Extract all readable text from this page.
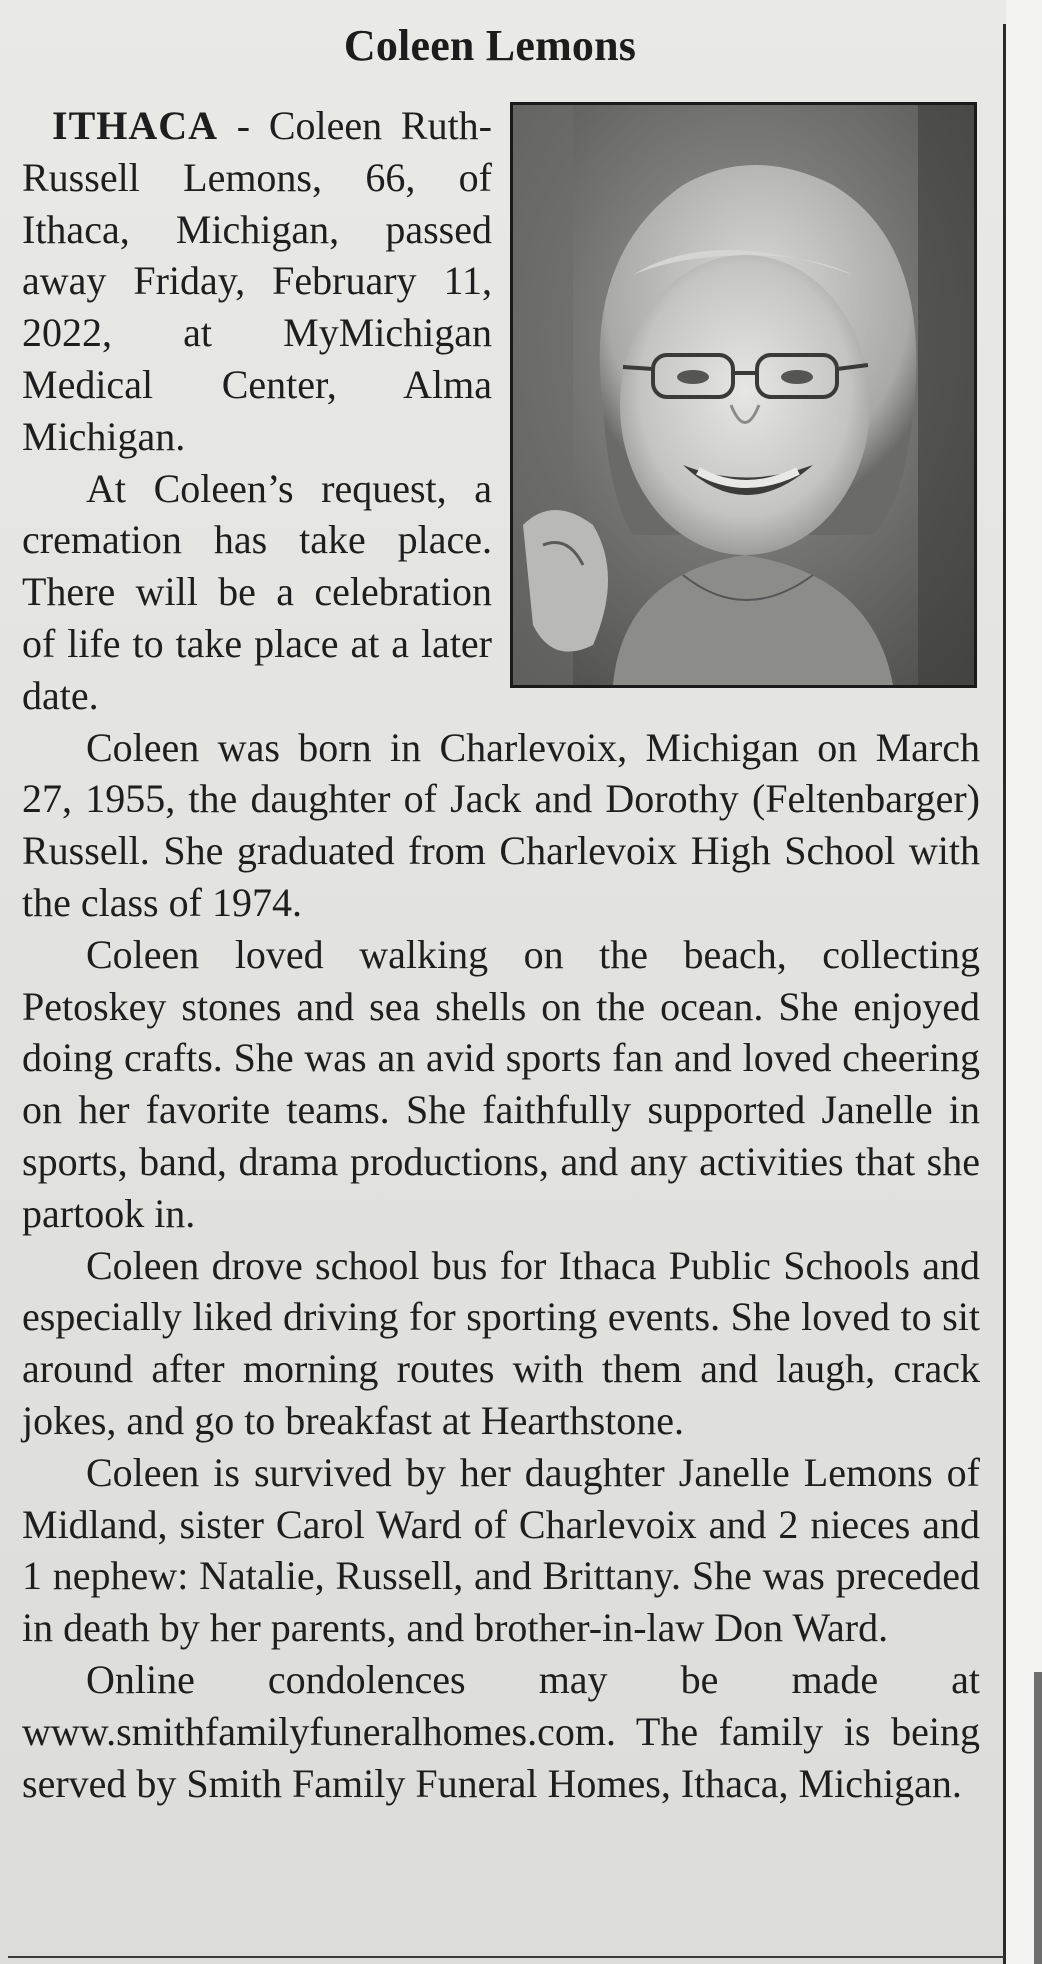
Coleen Lemons

ITHACA - Coleen Ruth-Russell Lemons, 66, of Ithaca, Michigan, passed away Friday, February 11, 2022, at MyMichigan Medical Center, Alma Michigan.

At Coleen’s request, a cremation has take place. There will be a celebration of life to take place at a later date.

Coleen was born in Charlevoix, Michigan on March 27, 1955, the daughter of Jack and Dorothy (Feltenbarger) Russell. She graduated from Charlevoix High School with the class of 1974.

Coleen loved walking on the beach, collecting Petoskey stones and sea shells on the ocean. She enjoyed doing crafts. She was an avid sports fan and loved cheering on her favorite teams. She faithfully supported Janelle in sports, band, drama productions, and any activities that she partook in.

Coleen drove school bus for Ithaca Public Schools and especially liked driving for sporting events. She loved to sit around after morning routes with them and laugh, crack jokes, and go to breakfast at Hearthstone.

Coleen is survived by her daughter Janelle Lemons of Midland, sister Carol Ward of Charlevoix and 2 nieces and 1 nephew: Natalie, Russell, and Brittany. She was preceded in death by her parents, and brother-in-law Don Ward.

Online condolences may be made at www.smithfamilyfuneralhomes.com. The family is being served by Smith Family Funeral Homes, Ithaca, Michigan.
